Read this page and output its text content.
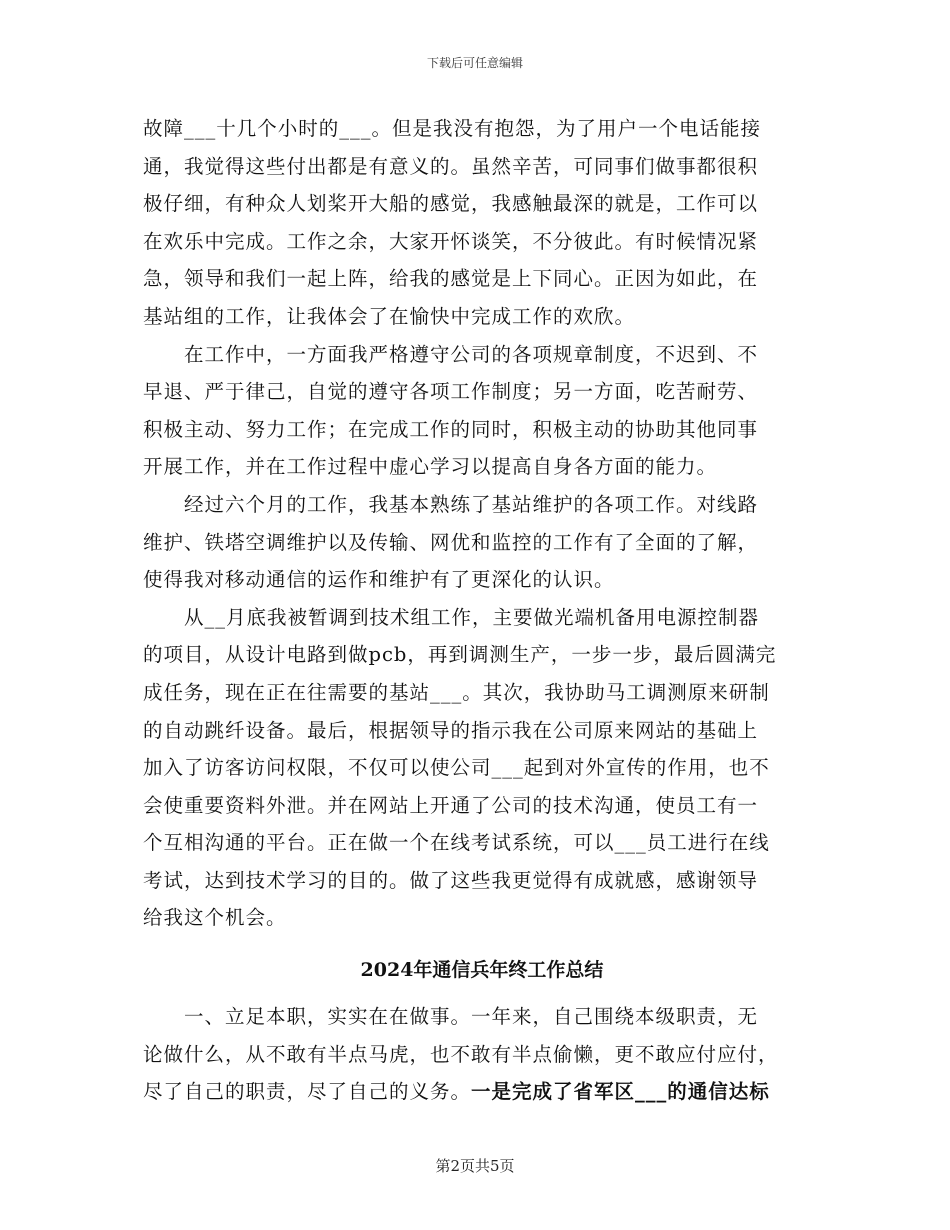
下载后可任意编辑
故障___十几个小时的___。但是我没有抱怨，为了用户一个电话能接
通，我觉得这些付出都是有意义的。虽然辛苦，可同事们做事都很积
极仔细，有种众人划桨开大船的感觉，我感触最深的就是，工作可以
在欢乐中完成。工作之余，大家开怀谈笑，不分彼此。有时候情况紧
急，领导和我们一起上阵，给我的感觉是上下同心。正因为如此，在
基站组的工作，让我体会了在愉快中完成工作的欢欣。
在工作中，一方面我严格遵守公司的各项规章制度，不迟到、不
早退、严于律己，自觉的遵守各项工作制度；另一方面，吃苦耐劳、
积极主动、努力工作；在完成工作的同时，积极主动的协助其他同事
开展工作，并在工作过程中虚心学习以提高自身各方面的能力。
经过六个月的工作，我基本熟练了基站维护的各项工作。对线路
维护、铁塔空调维护以及传输、网优和监控的工作有了全面的了解，
使得我对移动通信的运作和维护有了更深化的认识。
从__月底我被暂调到技术组工作，主要做光端机备用电源控制器
的项目，从设计电路到做pcb，再到调测生产，一步一步，最后圆满完
成任务，现在正在往需要的基站___。其次，我协助马工调测原来研制
的自动跳纤设备。最后，根据领导的指示我在公司原来网站的基础上
加入了访客访问权限，不仅可以使公司___起到对外宣传的作用，也不
会使重要资料外泄。并在网站上开通了公司的技术沟通，使员工有一
个互相沟通的平台。正在做一个在线考试系统，可以___员工进行在线
考试，达到技术学习的目的。做了这些我更觉得有成就感，感谢领导
给我这个机会。
2024年通信兵年终工作总结
一、立足本职，实实在在做事。一年来，自己围绕本级职责，无
论做什么，从不敢有半点马虎，也不敢有半点偷懒，更不敢应付应付，
尽了自己的职责，尽了自己的义务。一是完成了省军区___的通信达标
第2页共5页
